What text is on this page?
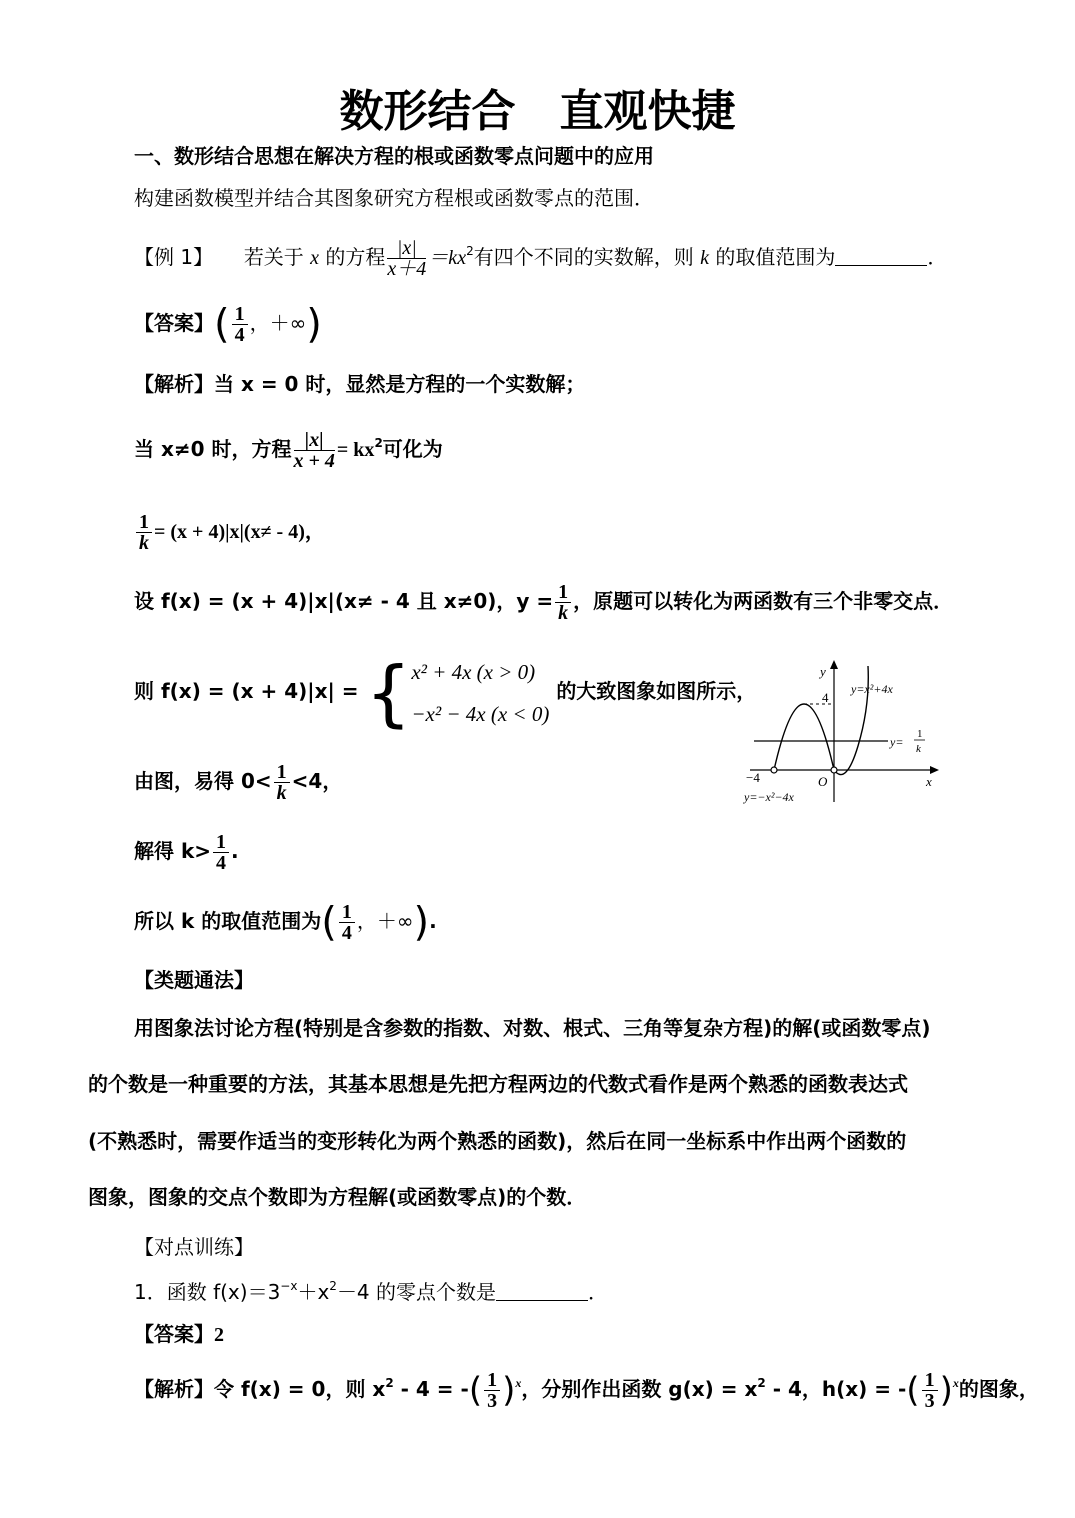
数形结合　直观快捷
一、数形结合思想在解决方程的根或函数零点问题中的应用
构建函数模型并结合其图象研究方程根或函数零点的范围．
【例 1】 若关于 x 的方程 $\frac{|x|}{x+4} =kx^2$有四个不同的实数解，则 k 的取值范围为	．
【答案】( $\frac{1}{4}$ ，＋∞)
【解析】当 x = 0 时，显然是方程的一个实数解；
当 x≠0 时，方程 $\frac{|x|}{x + 4} = kx^2$可化为
$\frac{1}{k} = (x + 4)|x|(x\ne - 4)$，
设 f(x) = (x + 4)|x|(x≠ - 4 且 x≠0)，$y = \frac{1}{k}$ ，原题可以转化为两函数有三个非零交点．
则 f(x) = (x + 4)|x| = { x² + 4x (x > 0)
−x² − 4x (x < 0)
的大致图象如图所示，
由图，易得 $0< \frac{1}{k} <4$，
解得 $k> \frac{1}{4}$ .
所以 k 的取值范围为( $\frac{1}{4}$ ，＋∞).
y
x
4
−4	O
y=x²+4x
y=
1
k
y=−x²−4x
【类题通法】
用图象法讨论方程(特别是含参数的指数、对数、根式、三角等复杂方程)的解(或函数零点)
的个数是一种重要的方法，其基本思想是先把方程两边的代数式看作是两个熟悉的函数表达式
(不熟悉时，需要作适当的变形转化为两个熟悉的函数)，然后在同一坐标系中作出两个函数的
图象，图象的交点个数即为方程解(或函数零点)的个数．
【对点训练】
1．函数 $f(x)=3^{-x}+x^2-4$ 的零点个数是	．
【答案】2
【解析】令 f(x) = 0，则 $x^2 - 4$ = -( $\frac{1}{3} )^x$，分别作出函数 $g(x) = x^2 - 4$，h(x) = -( $\frac{1}{3} )^x$的图象，
